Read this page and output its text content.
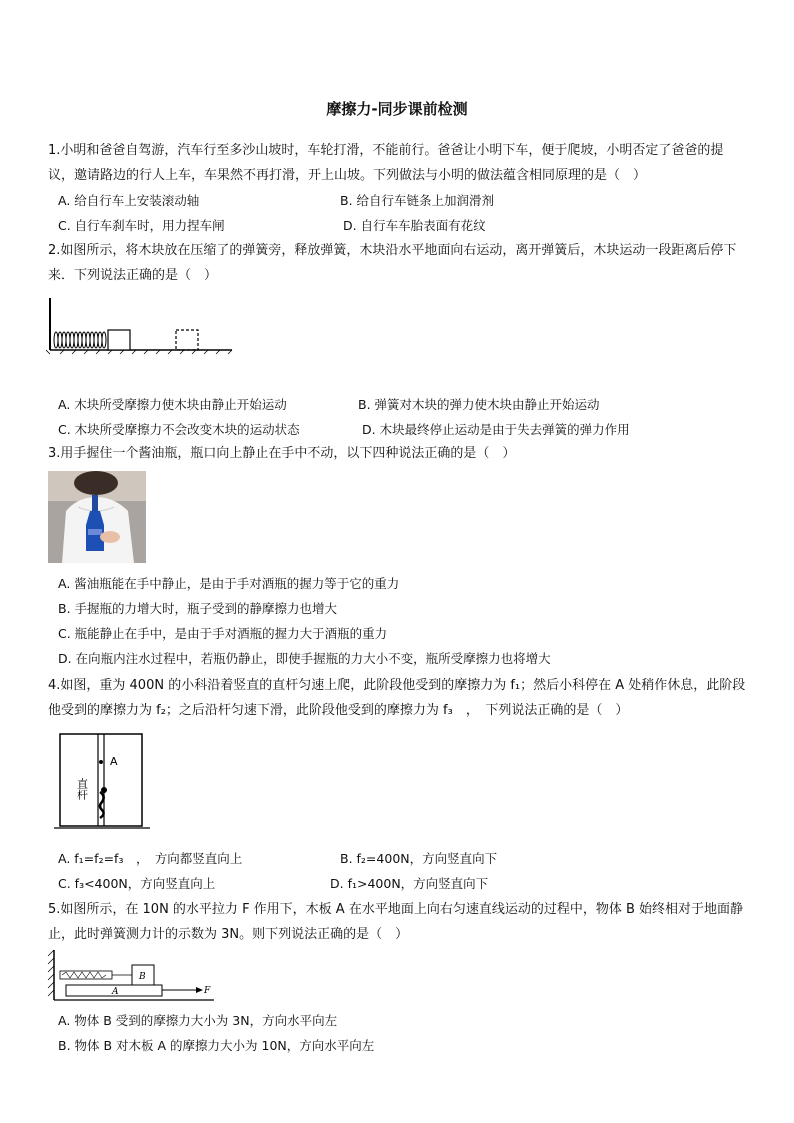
摩擦力-同步课前检测
1.小明和爸爸自驾游，汽车行至多沙山坡时，车轮打滑，不能前行。爸爸让小明下车，便于爬坡，小明否定了爸爸的提议，邀请路边的行人上车，车果然不再打滑，开上山坡。下列做法与小明的做法蕴含相同原理的是（　）
A. 给自行车上安装滚动轴	B. 给自行车链条上加润滑剂
C. 自行车刹车时，用力捏车闸	D. 自行车车胎表面有花纹
2.如图所示，将木块放在压缩了的弹簧旁，释放弹簧，木块沿水平地面向右运动，离开弹簧后，木块运动一段距离后停下来．下列说法正确的是（　）
A. 木块所受摩擦力使木块由静止开始运动	B. 弹簧对木块的弹力使木块由静止开始运动
C. 木块所受摩擦力不会改变木块的运动状态	D. 木块最终停止运动是由于失去弹簧的弹力作用
3.用手握住一个酱油瓶，瓶口向上静止在手中不动，以下四种说法正确的是（　）
A. 酱油瓶能在手中静止，是由于手对酒瓶的握力等于它的重力
B. 手握瓶的力增大时，瓶子受到的静摩擦力也增大
C. 瓶能静止在手中，是由于手对酒瓶的握力大于酒瓶的重力
D. 在向瓶内注水过程中，若瓶仍静止，即使手握瓶的力大小不变，瓶所受摩擦力也将增大
4.如图，重为 400N 的小科沿着竖直的直杆匀速上爬，此阶段他受到的摩擦力为 f₁；然后小科停在 A 处稍作休息，此阶段他受到的摩擦力为 f₂；之后沿杆匀速下滑，此阶段他受到的摩擦力为 f₃　，　下列说法正确的是（　）
A
直杆
A. f₁=f₂=f₃　，　方向都竖直向上	B. f₂=400N，方向竖直向下
C. f₃<400N，方向竖直向上	D. f₁>400N，方向竖直向下
5.如图所示，在 10N 的水平拉力 F 作用下，木板 A 在水平地面上向右匀速直线运动的过程中，物体 B 始终相对于地面静止，此时弹簧测力计的示数为 3N。则下列说法正确的是（　）
B
A	F
A. 物体 B 受到的摩擦力大小为 3N，方向水平向左
B. 物体 B 对木板 A 的摩擦力大小为 10N，方向水平向左
